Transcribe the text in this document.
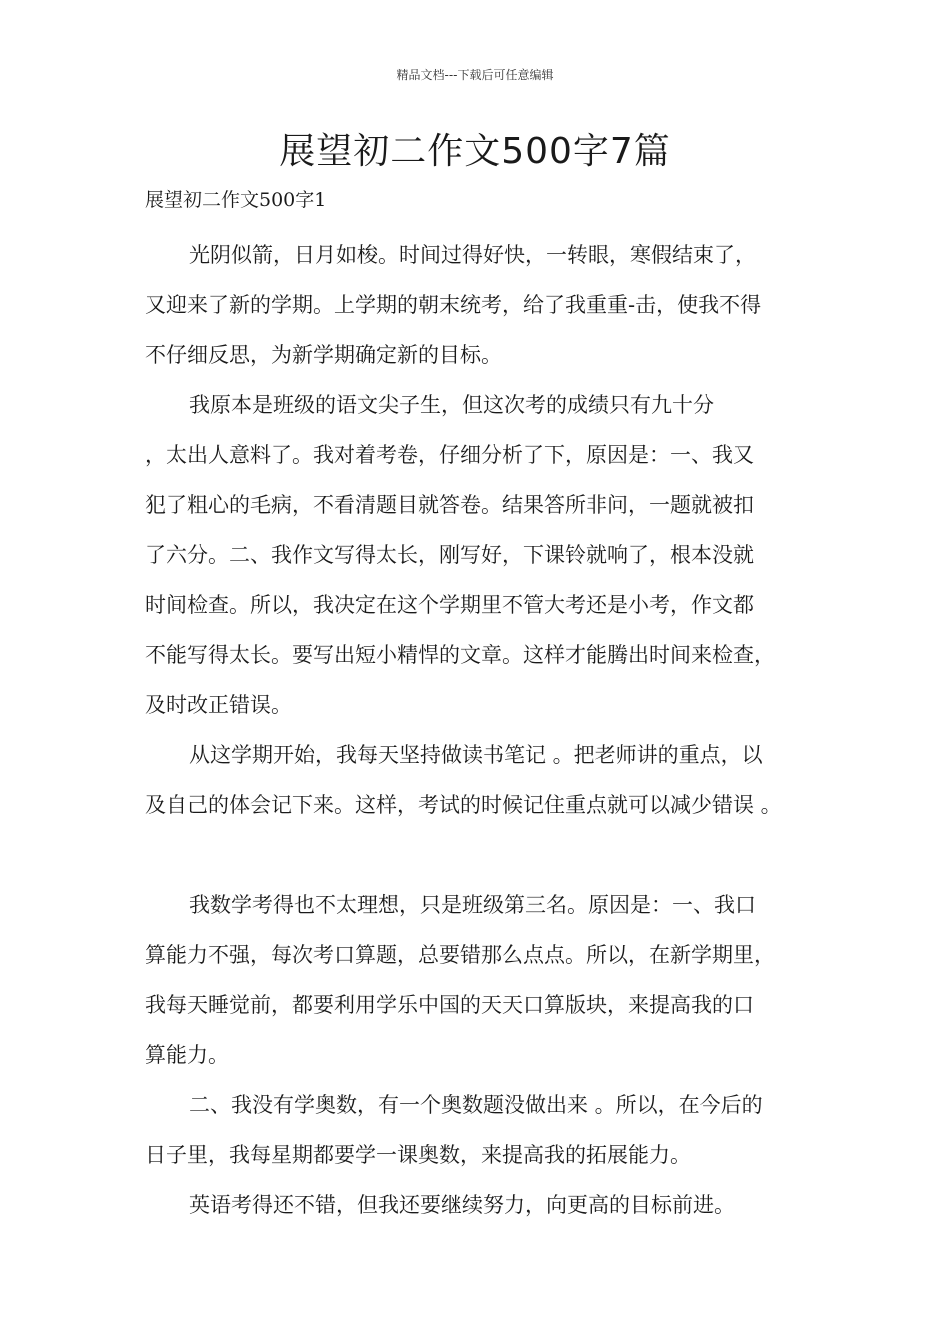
精品文档---下载后可任意编辑
展望初二作文500字7篇
展望初二作文500字1
光阴似箭，日月如梭。时间过得好快，一转眼，寒假结束了，
又迎来了新的学期。上学期的朝末统考，给了我重重-击，使我不得
不仔细反思，为新学期确定新的目标。
我原本是班级的语文尖子生，但这次考的成绩只有九十分
，太出人意料了。我对着考卷，仔细分析了下，原因是：一、我又
犯了粗心的毛病，不看清题目就答卷。结果答所非问，一题就被扣
了六分。二、我作文写得太长，刚写好，下课铃就响了，根本没就
时间检查。所以，我决定在这个学期里不管大考还是小考，作文都
不能写得太长。要写出短小精悍的文章。这样才能腾出时间来检查，
及时改正错误。
从这学期开始，我每天坚持做读书笔记 。把老师讲的重点，以
及自己的体会记下来。这样，考试的时候记住重点就可以减少错误 。
我数学考得也不太理想，只是班级第三名。原因是：一、我口
算能力不强，每次考口算题，总要错那么点点。所以，在新学期里，
我每天睡觉前，都要利用学乐中国的天天口算版块，来提高我的口
算能力。
二、我没有学奥数，有一个奥数题没做出来 。所以，在今后的
日子里，我每星期都要学一课奥数，来提高我的拓展能力。
英语考得还不错，但我还要继续努力，向更高的目标前进。
